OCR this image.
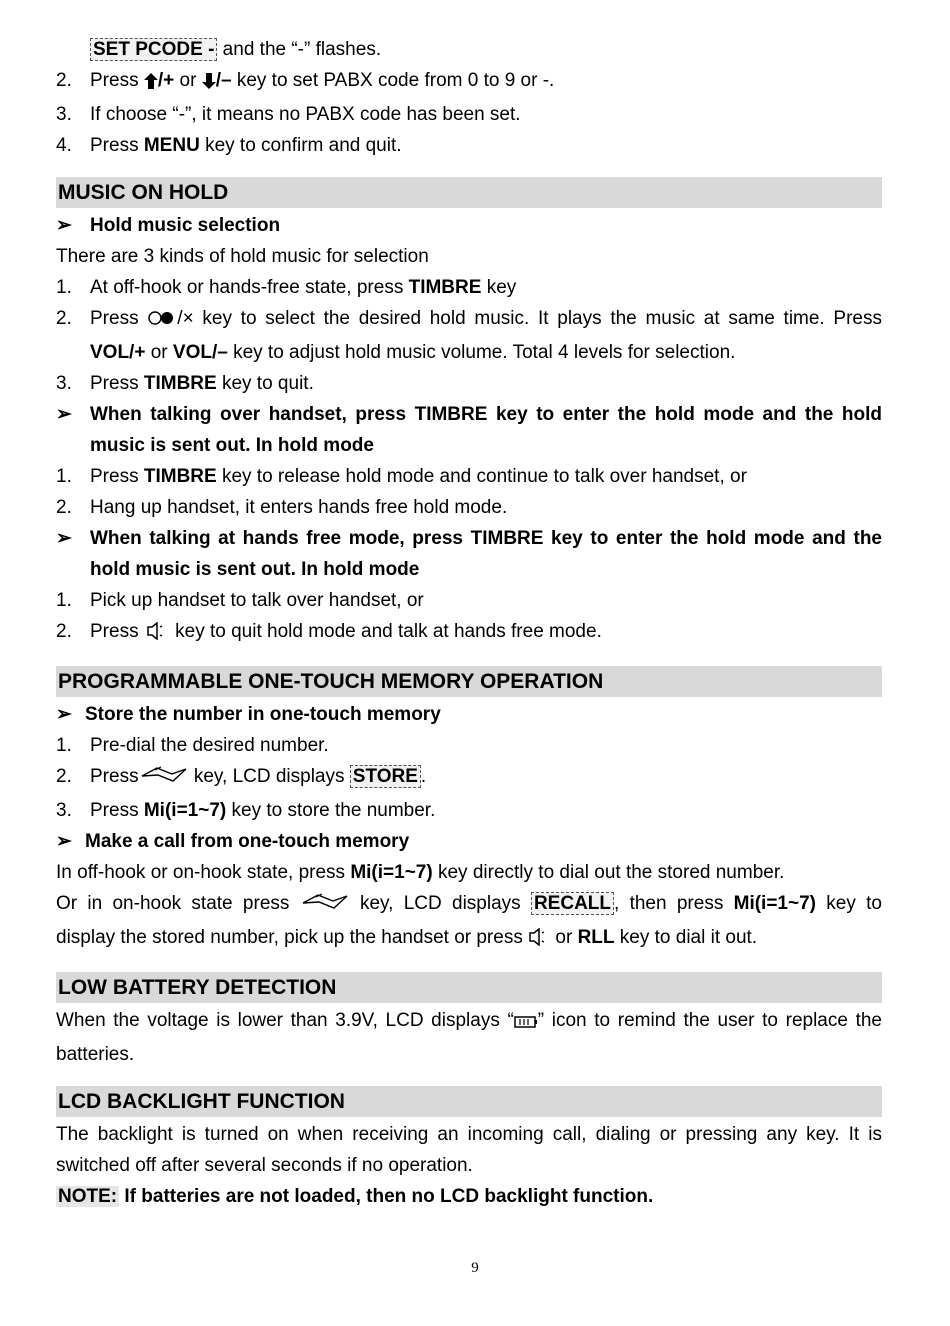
SET PCODE - and the “-” flashes.
2. Press /+ or /– key to set PABX code from 0 to 9 or -.
3. If choose “-”, it means no PABX code has been set.
4. Press MENU key to confirm and quit.
MUSIC ON HOLD
➢ Hold music selection
There are 3 kinds of hold music for selection
1. At off-hook or hands-free state, press TIMBRE key
2. Press /× key to select the desired hold music. It plays the music at same time. Press
VOL/+ or VOL/– key to adjust hold music volume. Total 4 levels for selection.
3. Press TIMBRE key to quit.
➢ When talking over handset, press TIMBRE key to enter the hold mode and the hold
music is sent out. In hold mode
1. Press TIMBRE key to release hold mode and continue to talk over handset, or
2. Hang up handset, it enters hands free hold mode.
➢ When talking at hands free mode, press TIMBRE key to enter the hold mode and the
hold music is sent out. In hold mode
1. Pick up handset to talk over handset, or
2. Press  key to quit hold mode and talk at hands free mode.
PROGRAMMABLE ONE-TOUCH MEMORY OPERATION
➢ Store the number in one-touch memory
1. Pre-dial the desired number.
2. Press	key, LCD displays STORE .
3. Press Mi(i=1~7) key to store the number.
➢ Make a call from one-touch memory
In off-hook or on-hook state, press Mi(i=1~7) key directly to dial out the stored number.
Or in on-hook state press	key, LCD displays RECALL , then press Mi(i=1~7) key to
display the stored number, pick up the handset or press  or RLL key to dial it out.
LOW BATTERY DETECTION
When the voltage is lower than 3.9V, LCD displays “ ” icon to remind the user to replace the
batteries.
LCD BACKLIGHT FUNCTION
The backlight is turned on when receiving an incoming call, dialing or pressing any key. It is
switched off after several seconds if no operation.
NOTE: If batteries are not loaded, then no LCD backlight function.
9
